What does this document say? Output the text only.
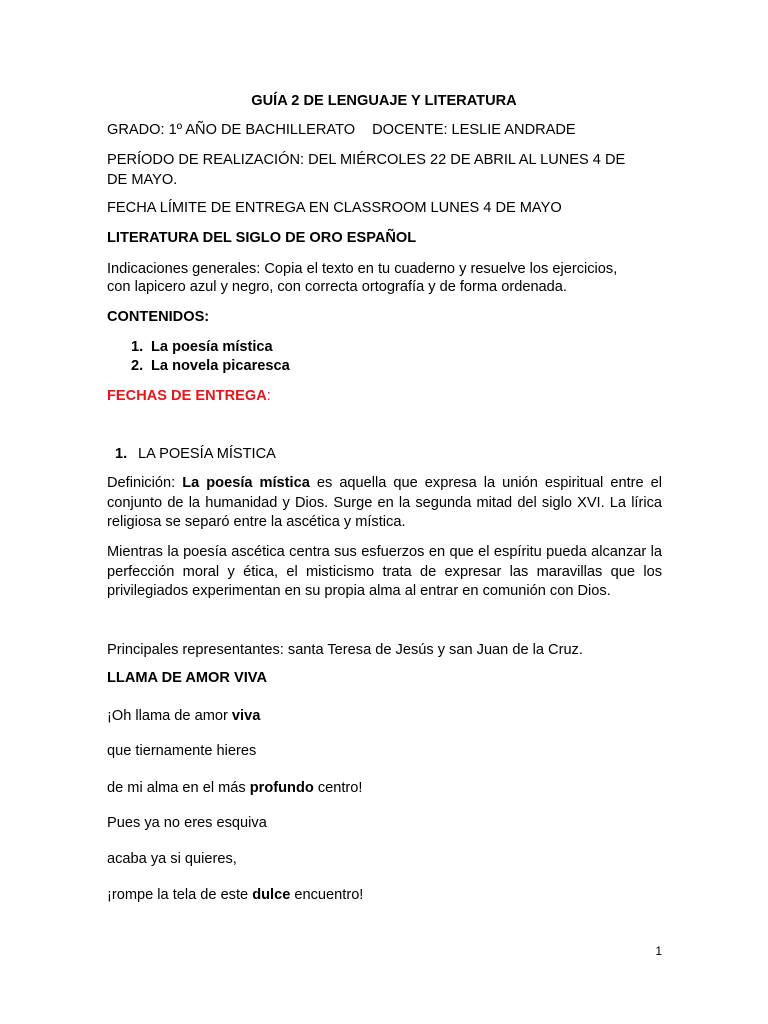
GUÍA 2 DE LENGUAJE Y LITERATURA
GRADO: 1º AÑO DE BACHILLERATO DOCENTE: LESLIE ANDRADE
PERÍODO DE REALIZACIÓN: DEL MIÉRCOLES 22 DE ABRIL AL LUNES 4 DE
DE MAYO.
FECHA LÍMITE DE ENTREGA EN CLASSROOM LUNES 4 DE MAYO
LITERATURA DEL SIGLO DE ORO ESPAÑOL
Indicaciones generales: Copia el texto en tu cuaderno y resuelve los ejercicios,
con lapicero azul y negro, con correcta ortografía y de forma ordenada.
CONTENIDOS:
1. La poesía mística
2. La novela picaresca
FECHAS DE ENTREGA:
1. LA POESÍA MÍSTICA
Definición: La poesía mística es aquella que expresa la unión espiritual entre el conjunto de la humanidad y Dios. Surge en la segunda mitad del siglo XVI. La lírica religiosa se separó entre la ascética y mística.
Mientras la poesía ascética centra sus esfuerzos en que el espíritu pueda alcanzar la perfección moral y ética, el misticismo trata de expresar las maravillas que los privilegiados experimentan en su propia alma al entrar en comunión con Dios.
Principales representantes: santa Teresa de Jesús y san Juan de la Cruz.
LLAMA DE AMOR VIVA
¡Oh llama de amor viva
que tiernamente hieres
de mi alma en el más profundo centro!
Pues ya no eres esquiva
acaba ya si quieres,
¡rompe la tela de este dulce encuentro!
1
